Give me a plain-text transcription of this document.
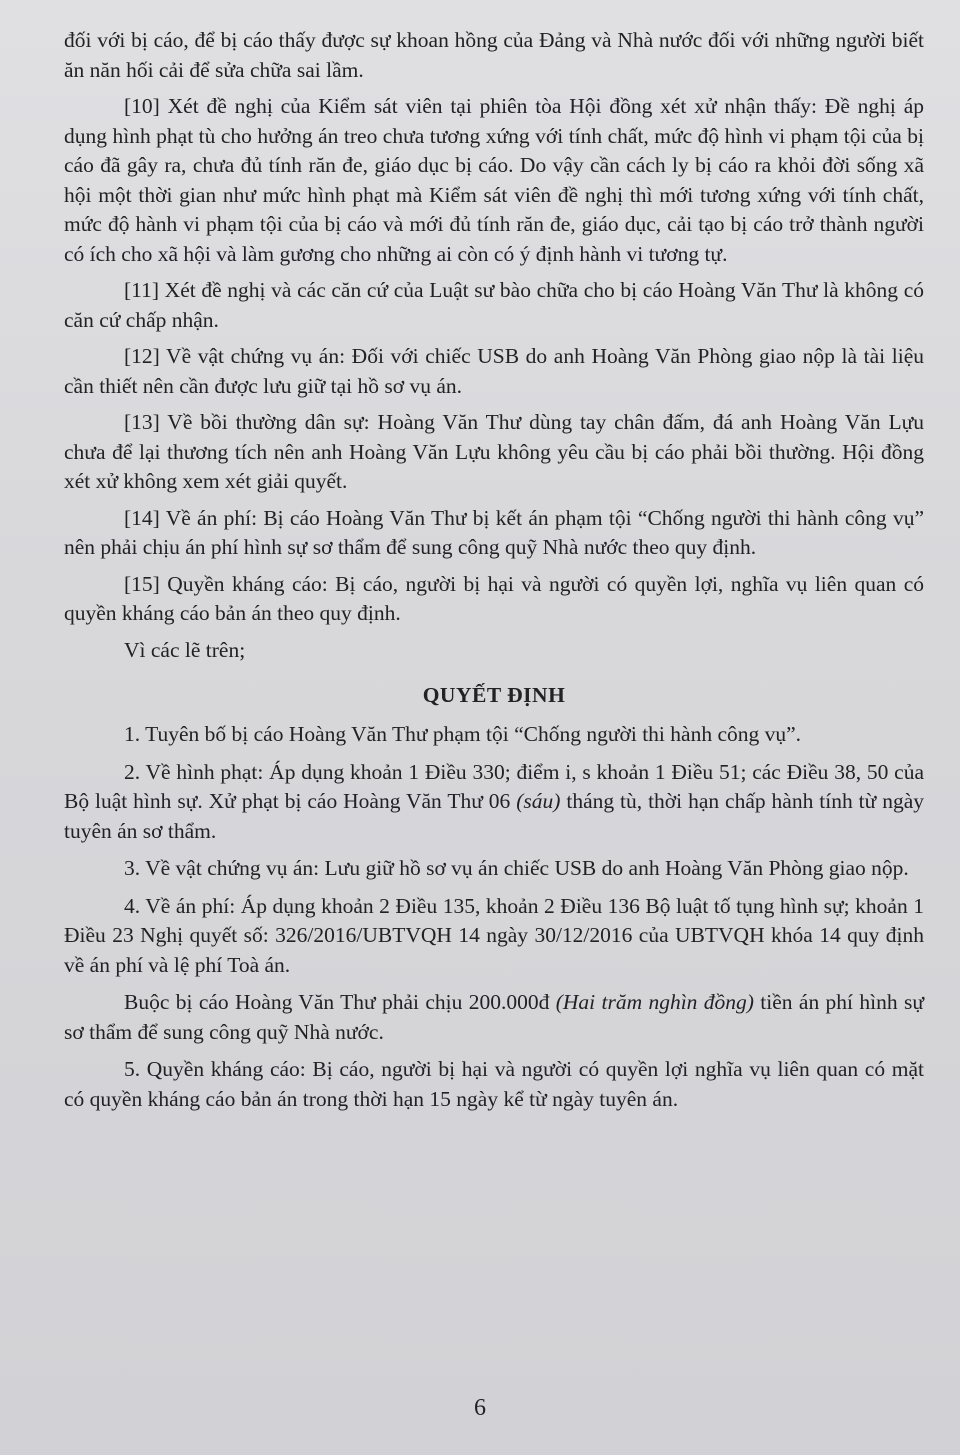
đối với bị cáo, để bị cáo thấy được sự khoan hồng của Đảng và Nhà nước đối với những người biết ăn năn hối cải để sửa chữa sai lầm.

[10] Xét đề nghị của Kiểm sát viên tại phiên tòa Hội đồng xét xử nhận thấy: Đề nghị áp dụng hình phạt tù cho hưởng án treo chưa tương xứng với tính chất, mức độ hình vi phạm tội của bị cáo đã gây ra, chưa đủ tính răn đe, giáo dục bị cáo. Do vậy cần cách ly bị cáo ra khỏi đời sống xã hội một thời gian như mức hình phạt mà Kiểm sát viên đề nghị thì mới tương xứng với tính chất, mức độ hành vi phạm tội của bị cáo và mới đủ tính răn đe, giáo dục, cải tạo bị cáo trở thành người có ích cho xã hội và làm gương cho những ai còn có ý định hành vi tương tự.

[11] Xét đề nghị và các căn cứ của Luật sư bào chữa cho bị cáo Hoàng Văn Thư là không có căn cứ chấp nhận.

[12] Về vật chứng vụ án: Đối với chiếc USB do anh Hoàng Văn Phòng giao nộp là tài liệu cần thiết nên cần được lưu giữ tại hồ sơ vụ án.

[13] Về bồi thường dân sự: Hoàng Văn Thư dùng tay chân đấm, đá anh Hoàng Văn Lựu chưa để lại thương tích nên anh Hoàng Văn Lựu không yêu cầu bị cáo phải bồi thường. Hội đồng xét xử không xem xét giải quyết.

[14] Về án phí: Bị cáo Hoàng Văn Thư bị kết án phạm tội “Chống người thi hành công vụ” nên phải chịu án phí hình sự sơ thẩm để sung công quỹ Nhà nước theo quy định.

[15] Quyền kháng cáo: Bị cáo, người bị hại và người có quyền lợi, nghĩa vụ liên quan có quyền kháng cáo bản án theo quy định.

Vì các lẽ trên;

QUYẾT ĐỊNH

1. Tuyên bố bị cáo Hoàng Văn Thư phạm tội “Chống người thi hành công vụ”.

2. Về hình phạt: Áp dụng khoản 1 Điều 330; điểm i, s khoản 1 Điều 51; các Điều 38, 50 của Bộ luật hình sự. Xử phạt bị cáo Hoàng Văn Thư 06 (sáu) tháng tù, thời hạn chấp hành tính từ ngày tuyên án sơ thẩm.

3. Về vật chứng vụ án: Lưu giữ hồ sơ vụ án chiếc USB do anh Hoàng Văn Phòng giao nộp.

4. Về án phí: Áp dụng khoản 2 Điều 135, khoản 2 Điều 136 Bộ luật tố tụng hình sự; khoản 1 Điều 23 Nghị quyết số: 326/2016/UBTVQH 14 ngày 30/12/2016 của UBTVQH khóa 14 quy định về án phí và lệ phí Toà án.

Buộc bị cáo Hoàng Văn Thư phải chịu 200.000đ (Hai trăm nghìn đồng) tiền án phí hình sự sơ thẩm để sung công quỹ Nhà nước.

5. Quyền kháng cáo: Bị cáo, người bị hại và người có quyền lợi nghĩa vụ liên quan có mặt có quyền kháng cáo bản án trong thời hạn 15 ngày kể từ ngày tuyên án.

6
